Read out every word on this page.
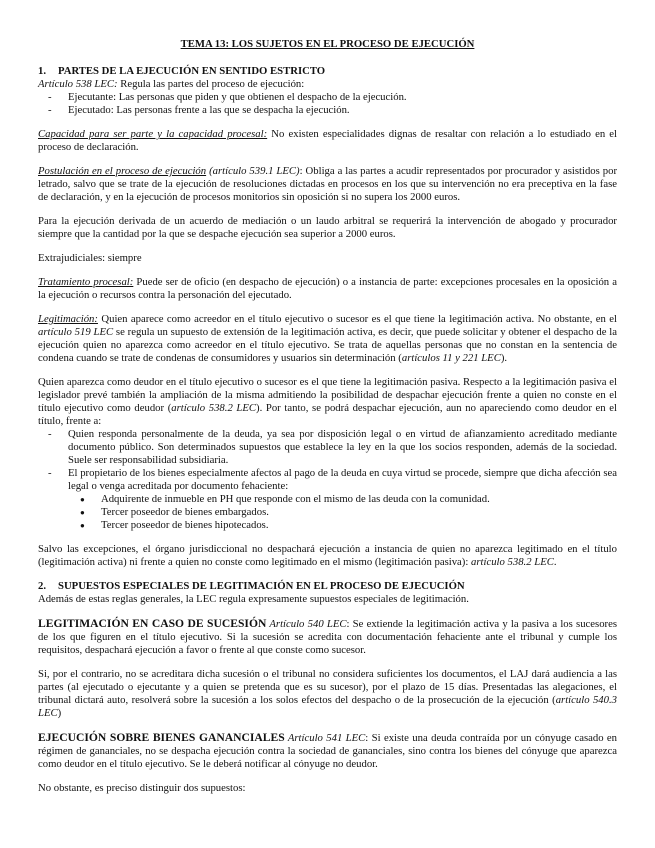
TEMA 13: LOS SUJETOS EN EL PROCESO DE EJECUCIÓN

1. PARTES DE LA EJECUCIÓN EN SENTIDO ESTRICTO

Artículo 538 LEC: Regula las partes del proceso de ejecución:

- Ejecutante: Las personas que piden y que obtienen el despacho de la ejecución.
- Ejecutado: Las personas frente a las que se despacha la ejecución.

Capacidad para ser parte y la capacidad procesal: No existen especialidades dignas de resaltar con relación a lo estudiado en el proceso de declaración.

Postulación en el proceso de ejecución (artículo 539.1 LEC): Obliga a las partes a acudir representados por procurador y asistidos por letrado, salvo que se trate de la ejecución de resoluciones dictadas en procesos en los que su intervención no era preceptiva en la fase de declaración, y en la ejecución de procesos monitorios sin oposición si no supera los 2000 euros.

Para la ejecución derivada de un acuerdo de mediación o un laudo arbitral se requerirá la intervención de abogado y procurador siempre que la cantidad por la que se despache ejecución sea superior a 2000 euros.

Extrajudiciales: siempre

Tratamiento procesal: Puede ser de oficio (en despacho de ejecución) o a instancia de parte: excepciones procesales en la oposición a la ejecución o recursos contra la personación del ejecutado.

Legitimación: Quien aparece como acreedor en el título ejecutivo o sucesor es el que tiene la legitimación activa. No obstante, en el artículo 519 LEC se regula un supuesto de extensión de la legitimación activa, es decir, que puede solicitar y obtener el despacho de la ejecución quien no aparezca como acreedor en el título ejecutivo. Se trata de aquellas personas que no constan en la sentencia de condena cuando se trate de condenas de consumidores y usuarios sin determinación (artículos 11 y 221 LEC).

Quien aparezca como deudor en el título ejecutivo o sucesor es el que tiene la legitimación pasiva. Respecto a la legitimación pasiva el legislador prevé también la ampliación de la misma admitiendo la posibilidad de despachar ejecución frente a quien no conste en el título ejecutivo como deudor (artículo 538.2 LEC). Por tanto, se podrá despachar ejecución, aun no apareciendo como deudor en el título, frente a:

- Quien responda personalmente de la deuda, ya sea por disposición legal o en virtud de afianzamiento acreditado mediante documento público. Son determinados supuestos que establece la ley en la que los socios responden, además de la sociedad. Suele ser responsabilidad subsidiaria.
- El propietario de los bienes especialmente afectos al pago de la deuda en cuya virtud se procede, siempre que dicha afección sea legal o venga acreditada por documento fehaciente:
● Adquirente de inmueble en PH que responde con el mismo de las deuda con la comunidad.
● Tercer poseedor de bienes embargados.
● Tercer poseedor de bienes hipotecados.

Salvo las excepciones, el órgano jurisdiccional no despachará ejecución a instancia de quien no aparezca legitimado en el título (legitimación activa) ni frente a quien no conste como legitimado en el mismo (legitimación pasiva): artículo 538.2 LEC.

2. SUPUESTOS ESPECIALES DE LEGITIMACIÓN EN EL PROCESO DE EJECUCIÓN

Además de estas reglas generales, la LEC regula expresamente supuestos especiales de legitimación.

LEGITIMACIÓN EN CASO DE SUCESIÓN Artículo 540 LEC: Se extiende la legitimación activa y la pasiva a los sucesores de los que figuren en el título ejecutivo. Si la sucesión se acredita con documentación fehaciente ante el tribunal y cumple los requisitos, despachará ejecución a favor o frente al que conste como sucesor.

Si, por el contrario, no se acreditara dicha sucesión o el tribunal no considera suficientes los documentos, el LAJ dará audiencia a las partes (al ejecutado o ejecutante y a quien se pretenda que es su sucesor), por el plazo de 15 días. Presentadas las alegaciones, el tribunal dictará auto, resolverá sobre la sucesión a los solos efectos del despacho o de la prosecución de la ejecución (artículo 540.3 LEC)

EJECUCIÓN SOBRE BIENES GANANCIALES Artículo 541 LEC: Si existe una deuda contraída por un cónyuge casado en régimen de gananciales, no se despacha ejecución contra la sociedad de gananciales, sino contra los bienes del cónyuge que aparezca como deudor en el título ejecutivo. Se le deberá notificar al cónyuge no deudor.

No obstante, es preciso distinguir dos supuestos:
